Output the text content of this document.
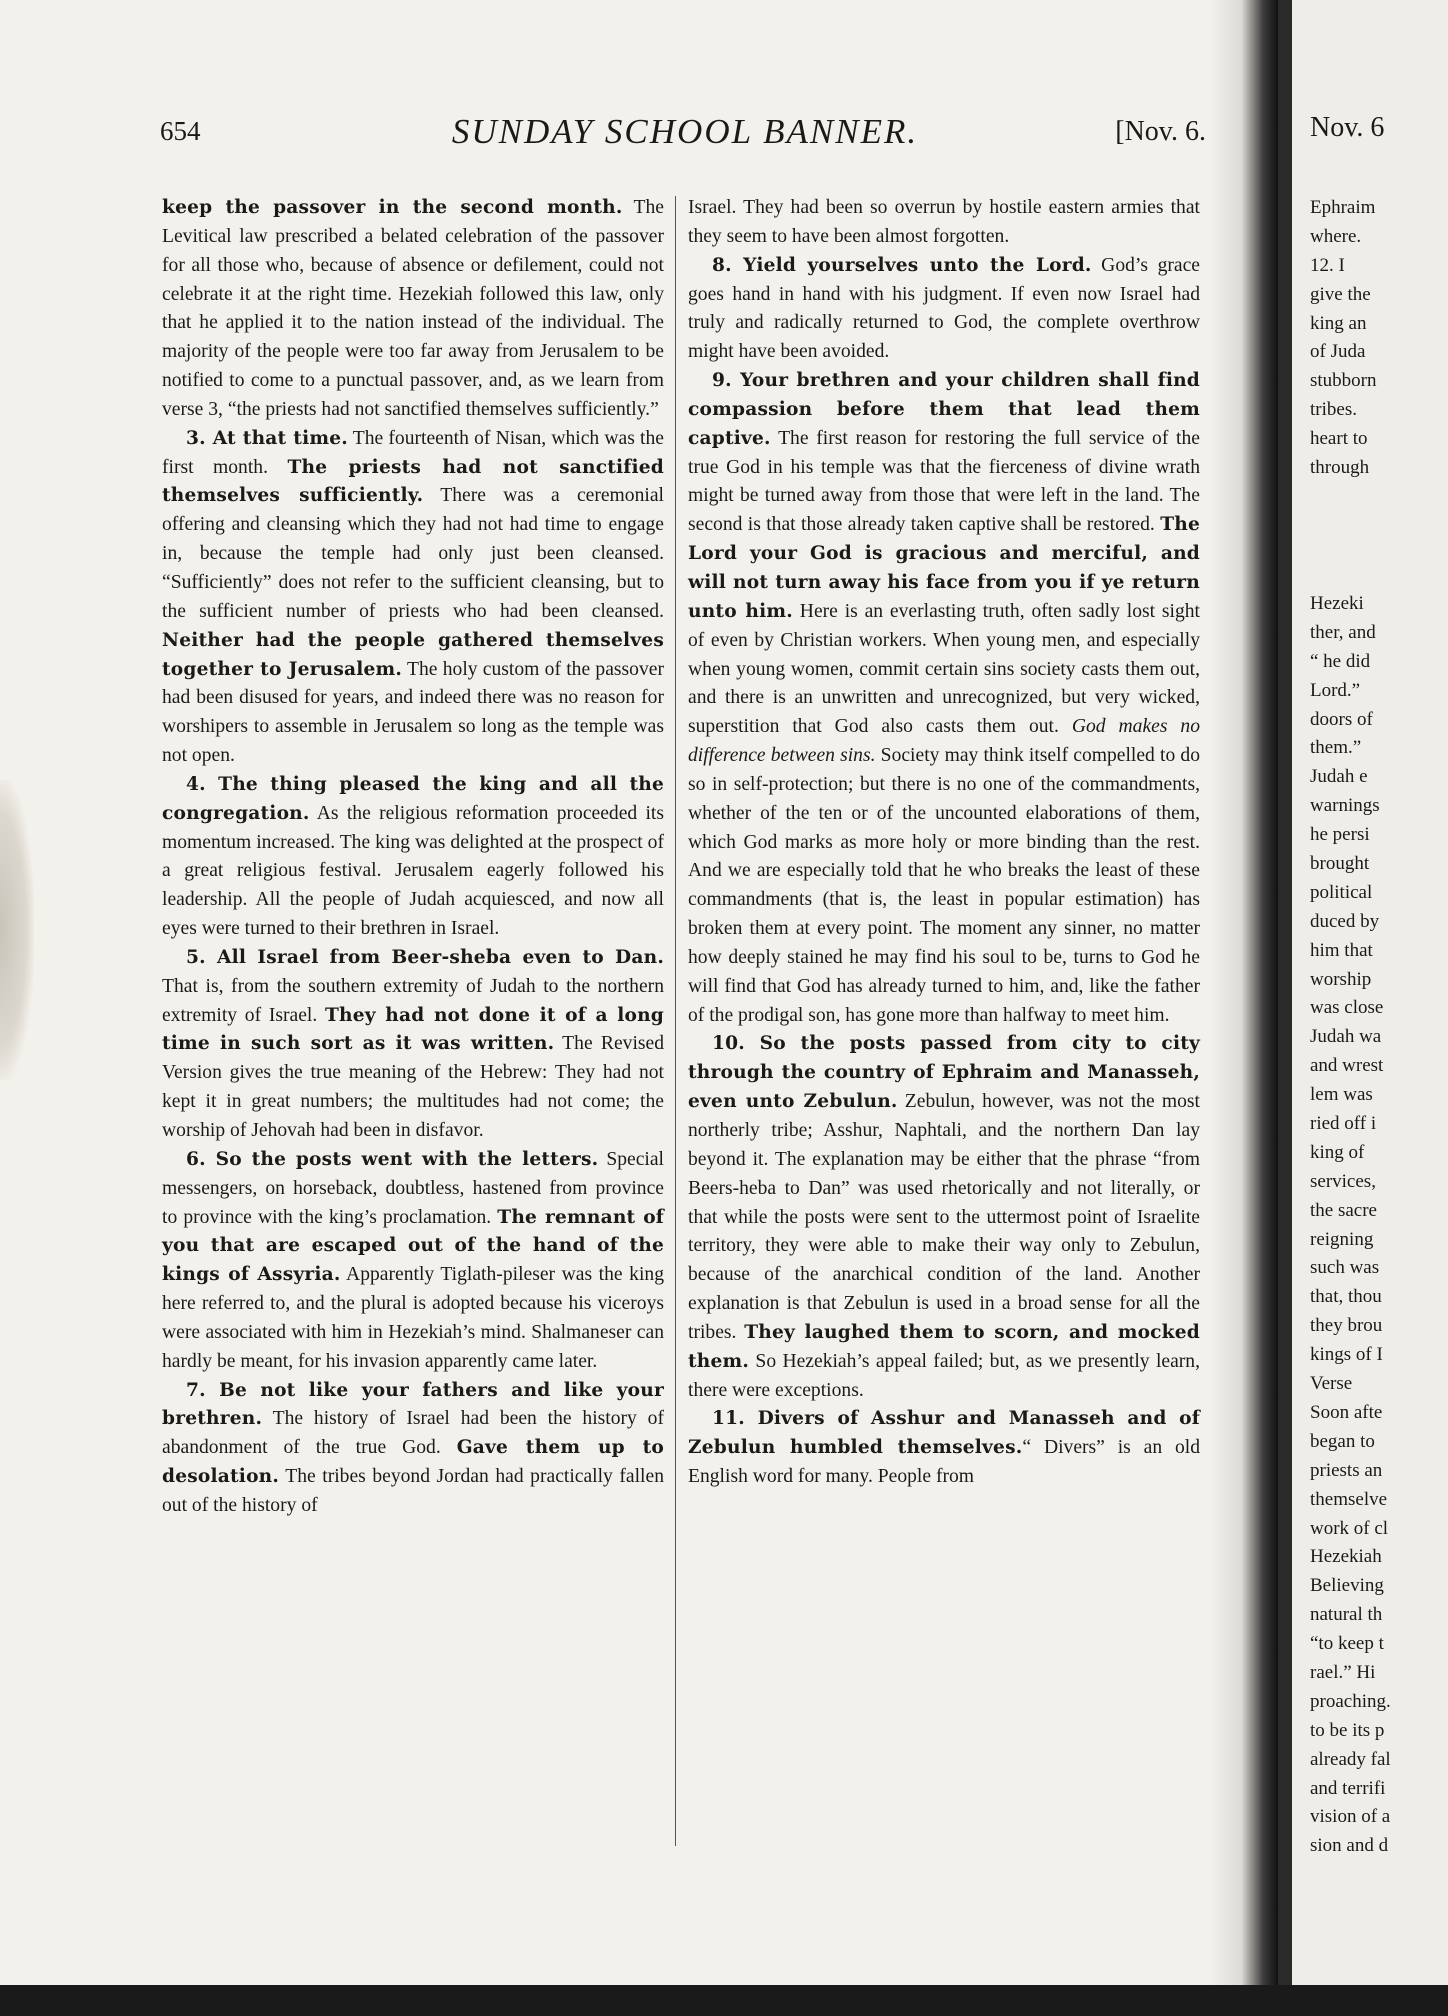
654	SUNDAY SCHOOL BANNER.	[Nov. 6.

keep the passover in the second month. The Levitical law prescribed a belated celebration of the passover for all those who, because of absence or defilement, could not celebrate it at the right time. Hezekiah followed this law, only that he applied it to the nation instead of the individual. The majority of the people were too far away from Jerusalem to be notified to come to a punctual passover, and, as we learn from verse 3, “the priests had not sanctified themselves sufficiently.”

3. At that time. The fourteenth of Nisan, which was the first month. The priests had not sanctified themselves sufficiently. There was a ceremonial offering and cleansing which they had not had time to engage in, because the temple had only just been cleansed. “Sufficiently” does not refer to the sufficient cleansing, but to the sufficient number of priests who had been cleansed. Neither had the people gathered themselves together to Jerusalem. The holy custom of the passover had been disused for years, and indeed there was no reason for worshipers to assemble in Jerusalem so long as the temple was not open.

4. The thing pleased the king and all the congregation. As the religious reformation proceeded its momentum increased. The king was delighted at the prospect of a great religious festival. Jerusalem eagerly followed his leadership. All the people of Judah acquiesced, and now all eyes were turned to their brethren in Israel.

5. All Israel from Beer-sheba even to Dan. That is, from the southern extremity of Judah to the northern extremity of Israel. They had not done it of a long time in such sort as it was written. The Revised Version gives the true meaning of the Hebrew: They had not kept it in great numbers; the multitudes had not come; the worship of Jehovah had been in disfavor.

6. So the posts went with the letters. Special messengers, on horseback, doubtless, hastened from province to province with the king’s proclamation. The remnant of you that are escaped out of the hand of the kings of Assyria. Apparently Tiglath-pileser was the king here referred to, and the plural is adopted because his viceroys were associated with him in Hezekiah’s mind. Shalmaneser can hardly be meant, for his invasion apparently came later.

7. Be not like your fathers and like your brethren. The history of Israel had been the history of abandonment of the true God. Gave them up to desolation. The tribes beyond Jordan had practically fallen out of the history of

Israel. They had been so overrun by hostile eastern armies that they seem to have been almost forgotten.

8. Yield yourselves unto the Lord. God’s grace goes hand in hand with his judgment. If even now Israel had truly and radically returned to God, the complete overthrow might have been avoided.

9. Your brethren and your children shall find compassion before them that lead them captive. The first reason for restoring the full service of the true God in his temple was that the fierceness of divine wrath might be turned away from those that were left in the land. The second is that those already taken captive shall be restored. The Lord your God is gracious and merciful, and will not turn away his face from you if ye return unto him. Here is an everlasting truth, often sadly lost sight of even by Christian workers. When young men, and especially when young women, commit certain sins society casts them out, and there is an unwritten and unrecognized, but very wicked, superstition that God also casts them out. God makes no difference between sins. Society may think itself compelled to do so in self-protection; but there is no one of the commandments, whether of the ten or of the uncounted elaborations of them, which God marks as more holy or more binding than the rest. And we are especially told that he who breaks the least of these commandments (that is, the least in popular estimation) has broken them at every point. The moment any sinner, no matter how deeply stained he may find his soul to be, turns to God he will find that God has already turned to him, and, like the father of the prodigal son, has gone more than halfway to meet him.

10. So the posts passed from city to city through the country of Ephraim and Manasseh, even unto Zebulun. Zebulun, however, was not the most northerly tribe; Asshur, Naphtali, and the northern Dan lay beyond it. The explanation may be either that the phrase “from Beers-heba to Dan” was used rhetorically and not literally, or that while the posts were sent to the uttermost point of Israelite territory, they were able to make their way only to Zebulun, because of the anarchical condition of the land. Another explanation is that Zebulun is used in a broad sense for all the tribes. They laughed them to scorn, and mocked them. So Hezekiah’s appeal failed; but, as we presently learn, there were exceptions.

11. Divers of Asshur and Manasseh and of Zebulun humbled themselves.“ Divers” is an old English word for many. People from

Nov. 6
Ephraim
where.
12. I
give the
king an
of Juda
stubborn
tribes.
heart to
through
Hezeki
ther, and
“ he did
Lord.”
doors of
them.”
Judah e
warnings
he persi
brought
political
duced by
him that
worship
was close
Judah wa
and wrest
lem was
ried off i
king of
services,
the sacre
reigning
such was
that, thou
they brou
kings of I
Verse
Soon afte
began to
priests an
themselve
work of cl
Hezekiah
Believing
natural th
“to keep t
rael.” Hi
proaching.
to be its p
already fal
and terrifi
vision of a
sion and d
